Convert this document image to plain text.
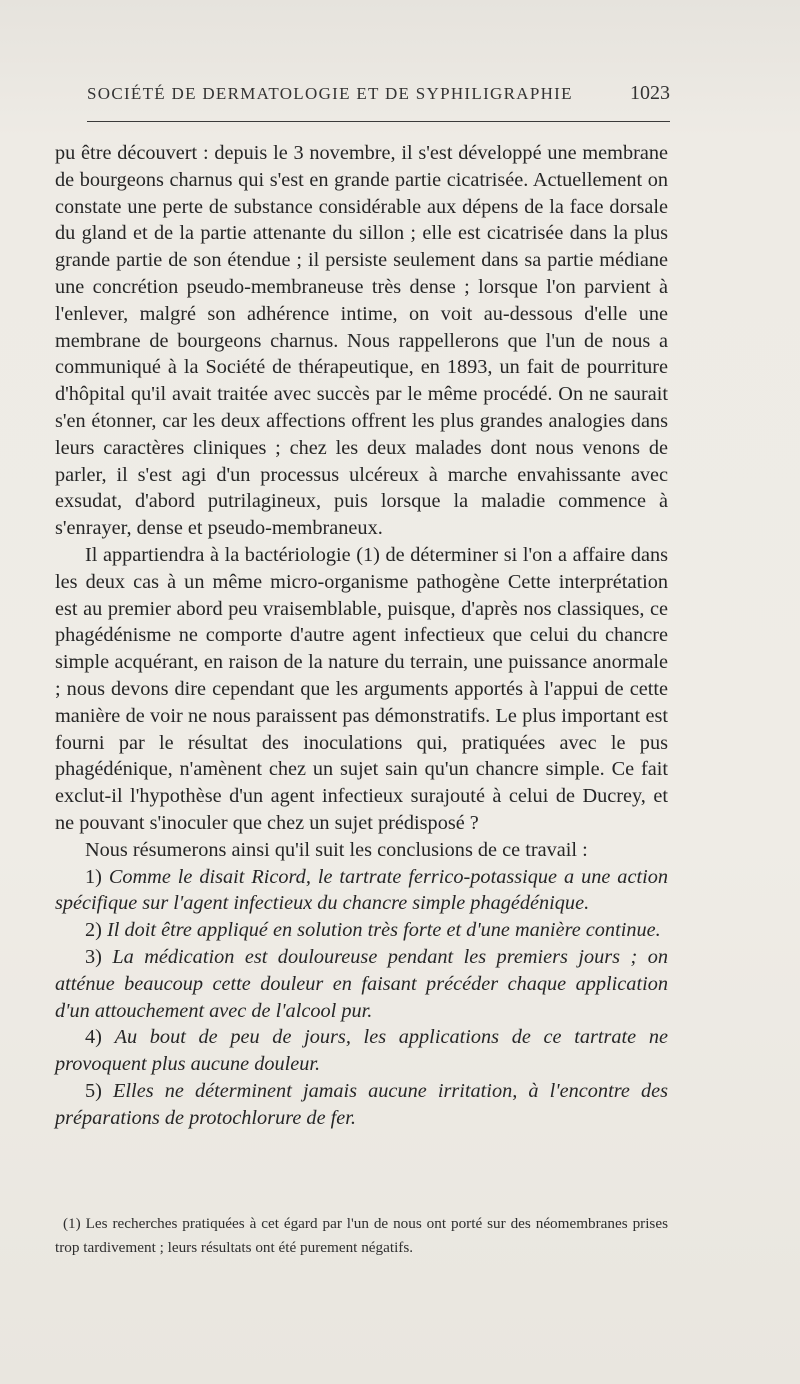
SOCIÉTÉ DE DERMATOLOGIE ET DE SYPHILIGRAPHIE	1023

pu être découvert : depuis le 3 novembre, il s'est développé une membrane de bourgeons charnus qui s'est en grande partie cicatrisée. Actuellement on constate une perte de substance considérable aux dépens de la face dorsale du gland et de la partie attenante du sillon ; elle est cicatrisée dans la plus grande partie de son étendue ; il persiste seulement dans sa partie médiane une concrétion pseudo-membraneuse très dense ; lorsque l'on parvient à l'enlever, malgré son adhérence intime, on voit au-dessous d'elle une membrane de bourgeons charnus. Nous rappellerons que l'un de nous a communiqué à la Société de thérapeutique, en 1893, un fait de pourriture d'hôpital qu'il avait traitée avec succès par le même procédé. On ne saurait s'en étonner, car les deux affections offrent les plus grandes analogies dans leurs caractères cliniques ; chez les deux malades dont nous venons de parler, il s'est agi d'un processus ulcéreux à marche envahissante avec exsudat, d'abord putrilagineux, puis lorsque la maladie commence à s'enrayer, dense et pseudo-membraneux.

Il appartiendra à la bactériologie (1) de déterminer si l'on a affaire dans les deux cas à un même micro-organisme pathogène Cette interprétation est au premier abord peu vraisemblable, puisque, d'après nos classiques, ce phagédénisme ne comporte d'autre agent infectieux que celui du chancre simple acquérant, en raison de la nature du terrain, une puissance anormale ; nous devons dire cependant que les arguments apportés à l'appui de cette manière de voir ne nous paraissent pas démonstratifs. Le plus important est fourni par le résultat des inoculations qui, pratiquées avec le pus phagédénique, n'amènent chez un sujet sain qu'un chancre simple. Ce fait exclut-il l'hypothèse d'un agent infectieux surajouté à celui de Ducrey, et ne pouvant s'inoculer que chez un sujet prédisposé ?

Nous résumerons ainsi qu'il suit les conclusions de ce travail :

1) Comme le disait Ricord, le tartrate ferrico-potassique a une action spécifique sur l'agent infectieux du chancre simple phagédénique.

2) Il doit être appliqué en solution très forte et d'une manière continue.

3) La médication est douloureuse pendant les premiers jours ; on atténue beaucoup cette douleur en faisant précéder chaque application d'un attouchement avec de l'alcool pur.

4) Au bout de peu de jours, les applications de ce tartrate ne provoquent plus aucune douleur.

5) Elles ne déterminent jamais aucune irritation, à l'encontre des préparations de protochlorure de fer.

(1) Les recherches pratiquées à cet égard par l'un de nous ont porté sur des néomembranes prises trop tardivement ; leurs résultats ont été purement négatifs.
